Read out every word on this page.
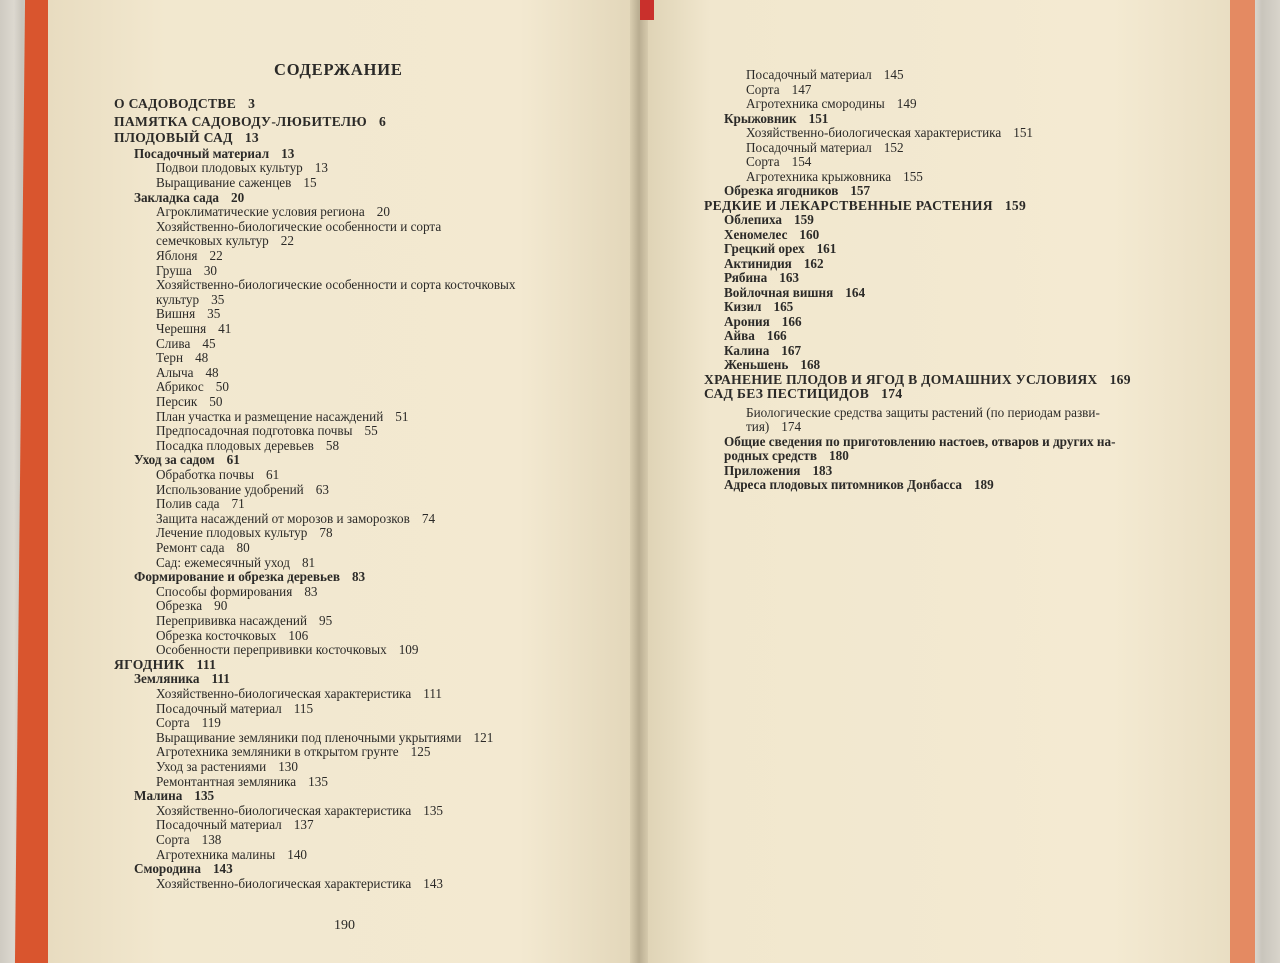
СОДЕРЖАНИЕ
О САДОВОДСТВЕ 3
ПАМЯТКА САДОВОДУ-ЛЮБИТЕЛЮ 6
ПЛОДОВЫЙ САД 13
Посадочный материал 13
Подвои плодовых культур 13
Выращивание саженцев 15
Закладка сада 20
Агроклиматические условия региона 20
Хозяйственно-биологические особенности и сорта
семечковых культур 22
Яблоня 22
Груша 30
Хозяйственно-биологические особенности и сорта косточковых
культур 35
Вишня 35
Черешня 41
Слива 45
Терн 48
Алыча 48
Абрикос 50
Персик 50
План участка и размещение насаждений 51
Предпосадочная подготовка почвы 55
Посадка плодовых деревьев 58
Уход за садом 61
Обработка почвы 61
Использование удобрений 63
Полив сада 71
Защита насаждений от морозов и заморозков 74
Лечение плодовых культур 78
Ремонт сада 80
Сад: ежемесячный уход 81
Формирование и обрезка деревьев 83
Способы формирования 83
Обрезка 90
Перепрививка насаждений 95
Обрезка косточковых 106
Особенности перепрививки косточковых 109
ЯГОДНИК 111
Земляника 111
Хозяйственно-биологическая характеристика 111
Посадочный материал 115
Сорта 119
Выращивание земляники под пленочными укрытиями 121
Агротехника земляники в открытом грунте 125
Уход за растениями 130
Ремонтантная земляника 135
Малина 135
Хозяйственно-биологическая характеристика 135
Посадочный материал 137
Сорта 138
Агротехника малины 140
Смородина 143
Хозяйственно-биологическая характеристика 143
Посадочный материал 145
Сорта 147
Агротехника смородины 149
Крыжовник 151
Хозяйственно-биологическая характеристика 151
Посадочный материал 152
Сорта 154
Агротехника крыжовника 155
Обрезка ягодников 157
РЕДКИЕ И ЛЕКАРСТВЕННЫЕ РАСТЕНИЯ 159
Облепиха 159
Хеномелес 160
Грецкий орех 161
Актинидия 162
Рябина 163
Войлочная вишня 164
Кизил 165
Арония 166
Айва 166
Калина 167
Женьшень 168
ХРАНЕНИЕ ПЛОДОВ И ЯГОД В ДОМАШНИХ УСЛОВИЯХ 169
САД БЕЗ ПЕСТИЦИДОВ 174
Биологические средства защиты растений (по периодам разви-
тия) 174
Общие сведения по приготовлению настоев, отваров и других на-
родных средств 180
Приложения 183
Адреса плодовых питомников Донбасса 189
190
